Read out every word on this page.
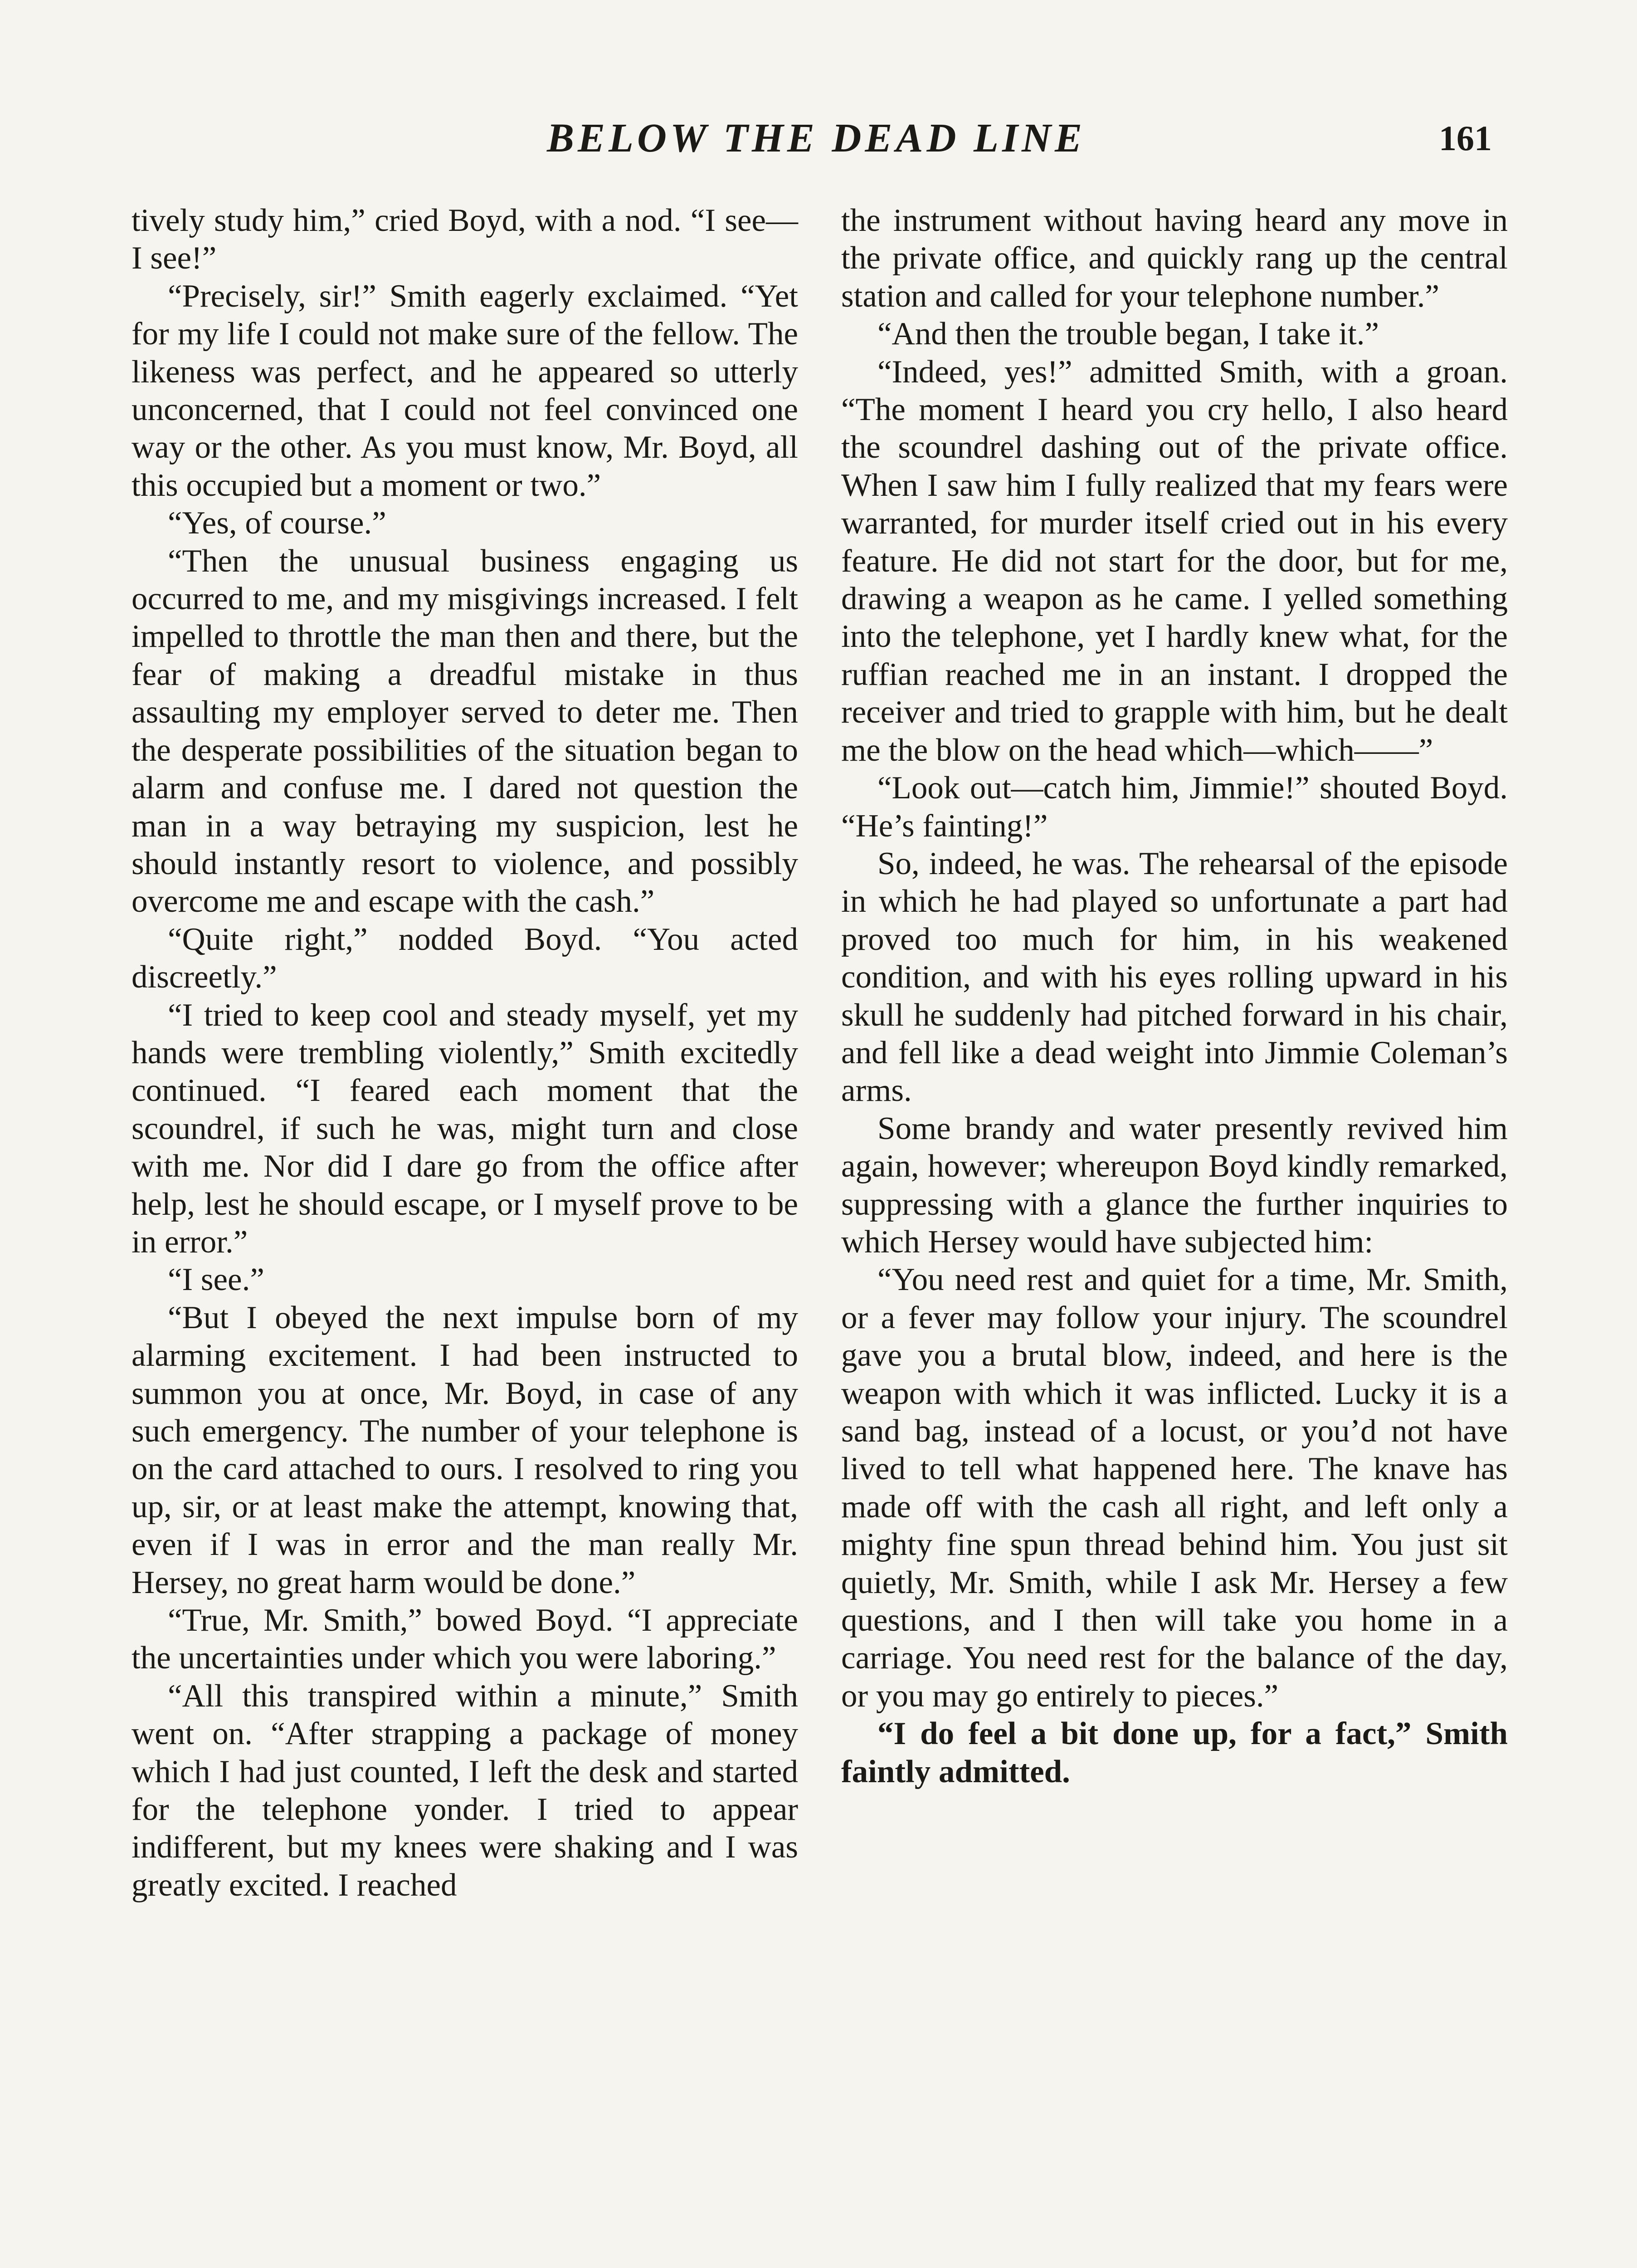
BELOW THE DEAD LINE	161

tively study him,” cried Boyd, with a nod. “I see—I see!”

“Precisely, sir!” Smith eagerly exclaimed. “Yet for my life I could not make sure of the fellow. The likeness was perfect, and he appeared so utterly unconcerned, that I could not feel convinced one way or the other. As you must know, Mr. Boyd, all this occupied but a moment or two.”

“Yes, of course.”

“Then the unusual business engaging us occurred to me, and my misgivings increased. I felt impelled to throttle the man then and there, but the fear of making a dreadful mistake in thus assaulting my employer served to deter me. Then the desperate possibilities of the situation began to alarm and confuse me. I dared not question the man in a way betraying my suspicion, lest he should instantly resort to violence, and possibly overcome me and escape with the cash.”

“Quite right,” nodded Boyd. “You acted discreetly.”

“I tried to keep cool and steady myself, yet my hands were trembling violently,” Smith excitedly continued. “I feared each moment that the scoundrel, if such he was, might turn and close with me. Nor did I dare go from the office after help, lest he should escape, or I myself prove to be in error.”

“I see.”

“But I obeyed the next impulse born of my alarming excitement. I had been instructed to summon you at once, Mr. Boyd, in case of any such emergency. The number of your telephone is on the card attached to ours. I resolved to ring you up, sir, or at least make the attempt, knowing that, even if I was in error and the man really Mr. Hersey, no great harm would be done.”

“True, Mr. Smith,” bowed Boyd. “I appreciate the uncertainties under which you were laboring.”

“All this transpired within a minute,” Smith went on. “After strapping a package of money which I had just counted, I left the desk and started for the telephone yonder. I tried to appear indifferent, but my knees were shaking and I was greatly excited. I reached

the instrument without having heard any move in the private office, and quickly rang up the central station and called for your telephone number.”

“And then the trouble began, I take it.”

“Indeed, yes!” admitted Smith, with a groan. “The moment I heard you cry hello, I also heard the scoundrel dashing out of the private office. When I saw him I fully realized that my fears were warranted, for murder itself cried out in his every feature. He did not start for the door, but for me, drawing a weapon as he came. I yelled something into the telephone, yet I hardly knew what, for the ruffian reached me in an instant. I dropped the receiver and tried to grapple with him, but he dealt me the blow on the head which—which——”

“Look out—catch him, Jimmie!” shouted Boyd. “He’s fainting!”

So, indeed, he was. The rehearsal of the episode in which he had played so unfortunate a part had proved too much for him, in his weakened condition, and with his eyes rolling upward in his skull he suddenly had pitched forward in his chair, and fell like a dead weight into Jimmie Coleman’s arms.

Some brandy and water presently revived him again, however; whereupon Boyd kindly remarked, suppressing with a glance the further inquiries to which Hersey would have subjected him:

“You need rest and quiet for a time, Mr. Smith, or a fever may follow your injury. The scoundrel gave you a brutal blow, indeed, and here is the weapon with which it was inflicted. Lucky it is a sand bag, instead of a locust, or you’d not have lived to tell what happened here. The knave has made off with the cash all right, and left only a mighty fine spun thread behind him. You just sit quietly, Mr. Smith, while I ask Mr. Hersey a few questions, and I then will take you home in a carriage. You need rest for the balance of the day, or you may go entirely to pieces.”

“I do feel a bit done up, for a fact,” Smith faintly admitted.
